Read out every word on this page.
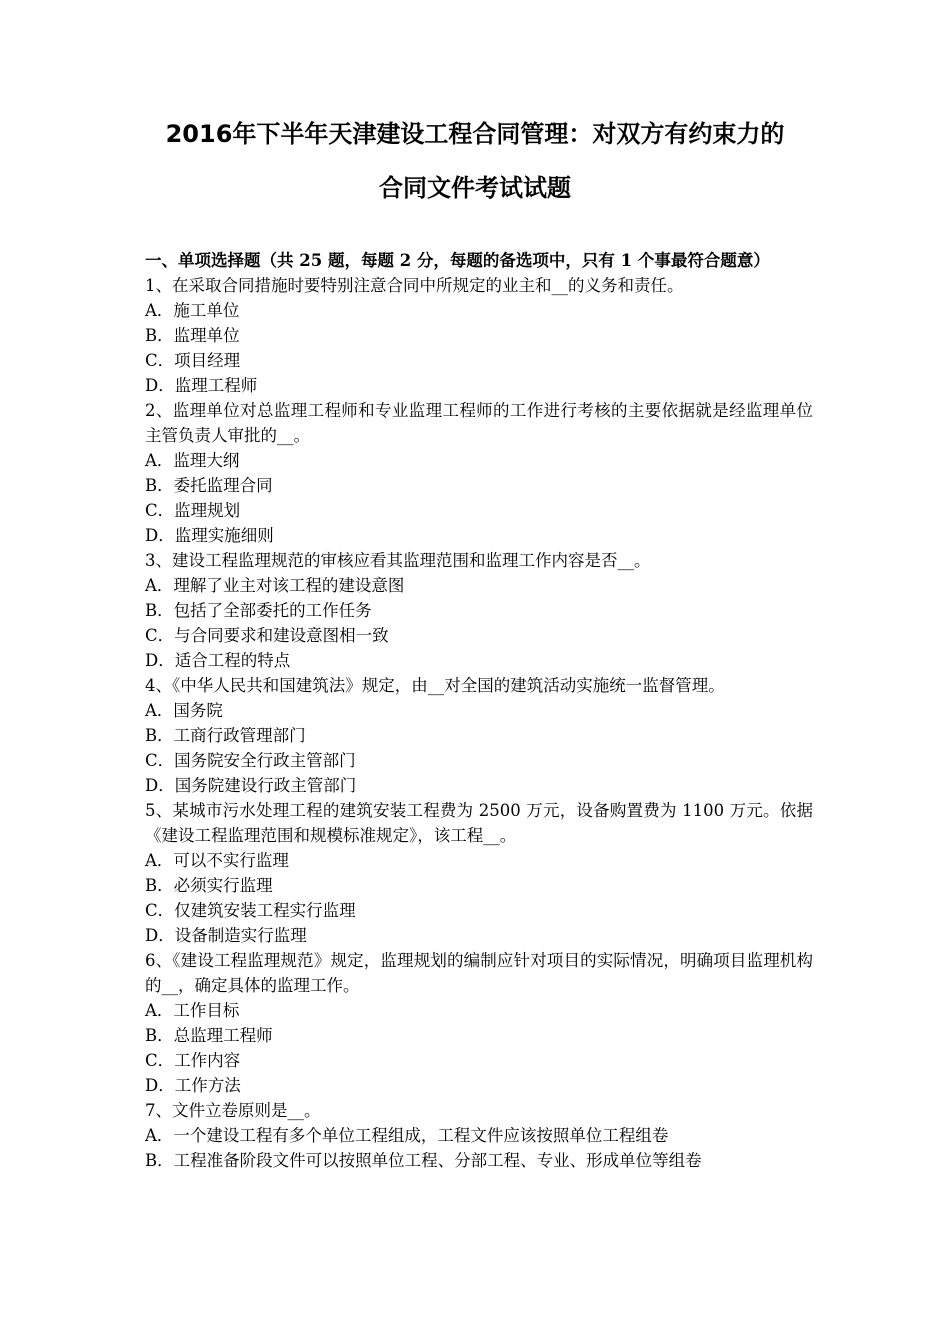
2016年下半年天津建设工程合同管理：对双方有约束力的
合同文件考试试题

一、单项选择题（共 25 题，每题 2 分，每题的备选项中，只有 1 个事最符合题意）

1、在采取合同措施时要特别注意合同中所规定的业主和__的义务和责任。

A．施工单位

B．监理单位

C．项目经理

D．监理工程师

2、监理单位对总监理工程师和专业监理工程师的工作进行考核的主要依据就是经监理单位主管负责人审批的__。

A．监理大纲

B．委托监理合同

C．监理规划

D．监理实施细则

3、建设工程监理规范的审核应看其监理范围和监理工作内容是否__。

A．理解了业主对该工程的建设意图

B．包括了全部委托的工作任务

C．与合同要求和建设意图相一致

D．适合工程的特点

4、《中华人民共和国建筑法》规定，由__对全国的建筑活动实施统一监督管理。

A．国务院

B．工商行政管理部门

C．国务院安全行政主管部门

D．国务院建设行政主管部门

5、某城市污水处理工程的建筑安装工程费为 2500 万元，设备购置费为 1100 万元。依据《建设工程监理范围和规模标准规定》，该工程__。

A．可以不实行监理

B．必须实行监理

C．仅建筑安装工程实行监理

D．设备制造实行监理

6、《建设工程监理规范》规定，监理规划的编制应针对项目的实际情况，明确项目监理机构的__，确定具体的监理工作。

A．工作目标

B．总监理工程师

C．工作内容

D．工作方法

7、文件立卷原则是__。

A．一个建设工程有多个单位工程组成，工程文件应该按照单位工程组卷

B．工程准备阶段文件可以按照单位工程、分部工程、专业、形成单位等组卷
